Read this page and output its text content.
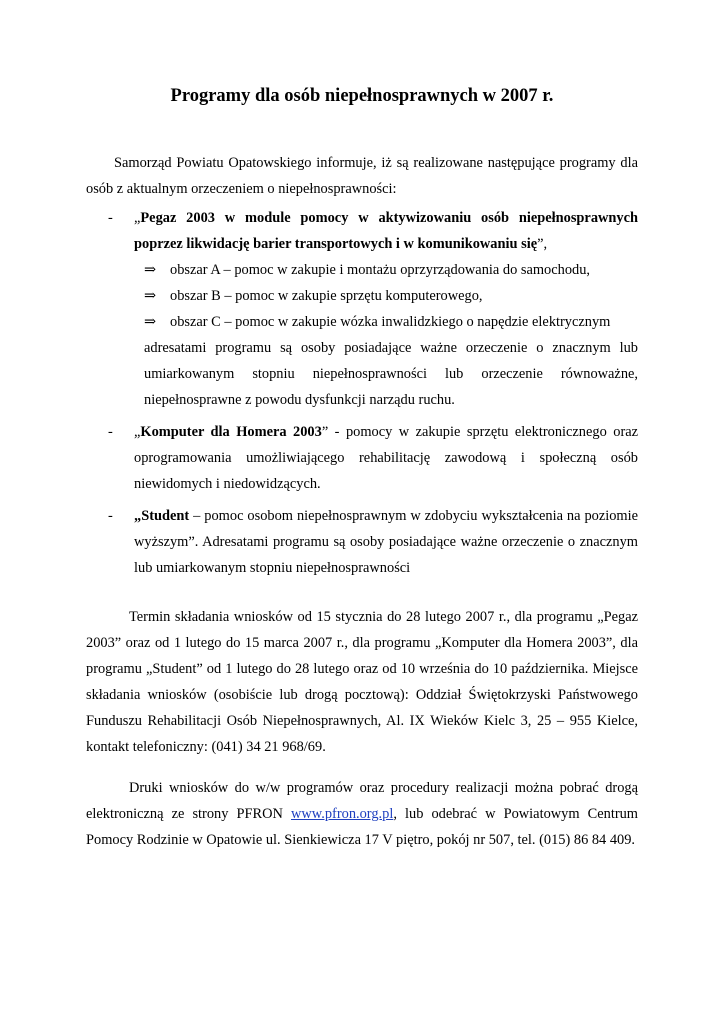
Programy dla osób niepełnosprawnych w 2007 r.
Samorząd Powiatu Opatowskiego informuje, iż są realizowane następujące programy dla osób z aktualnym orzeczeniem o niepełnosprawności:
- „Pegaz 2003 w module pomocy w aktywizowaniu osób niepełnosprawnych poprzez likwidację barier transportowych i w komunikowaniu się”,
⇒ obszar A – pomoc w zakupie i montażu oprzyrządowania do samochodu,
⇒ obszar B – pomoc w zakupie sprzętu komputerowego,
⇒ obszar C – pomoc w zakupie wózka inwalidzkiego o napędzie elektrycznym
adresatami programu są osoby posiadające ważne orzeczenie o znacznym lub umiarkowanym stopniu niepełnosprawności lub orzeczenie równoważne, niepełnosprawne z powodu dysfunkcji narządu ruchu.
- „Komputer dla Homera 2003” - pomocy w zakupie sprzętu elektronicznego oraz oprogramowania umożliwiającego rehabilitację zawodową i społeczną osób niewidomych i niedowidzących.
- „Student – pomoc osobom niepełnosprawnym w zdobyciu wykształcenia na poziomie wyższym”. Adresatami programu są osoby posiadające ważne orzeczenie o znacznym lub umiarkowanym stopniu niepełnosprawności
Termin składania wniosków od 15 stycznia do 28 lutego 2007 r., dla programu „Pegaz 2003” oraz od 1 lutego do 15 marca 2007 r., dla programu „Komputer dla Homera 2003”, dla programu „Student” od 1 lutego do 28 lutego oraz od 10 września do 10 października. Miejsce składania wniosków (osobiście lub drogą pocztową): Oddział Świętokrzyski Państwowego Funduszu Rehabilitacji Osób Niepełnosprawnych, Al. IX Wieków Kielc 3, 25 – 955 Kielce, kontakt telefoniczny: (041) 34 21 968/69.
Druki wniosków do w/w programów oraz procedury realizacji można pobrać drogą elektroniczną ze strony PFRON www.pfron.org.pl, lub odebrać w Powiatowym Centrum Pomocy Rodzinie w Opatowie ul. Sienkiewicza 17 V piętro, pokój nr 507, tel. (015) 86 84 409.
